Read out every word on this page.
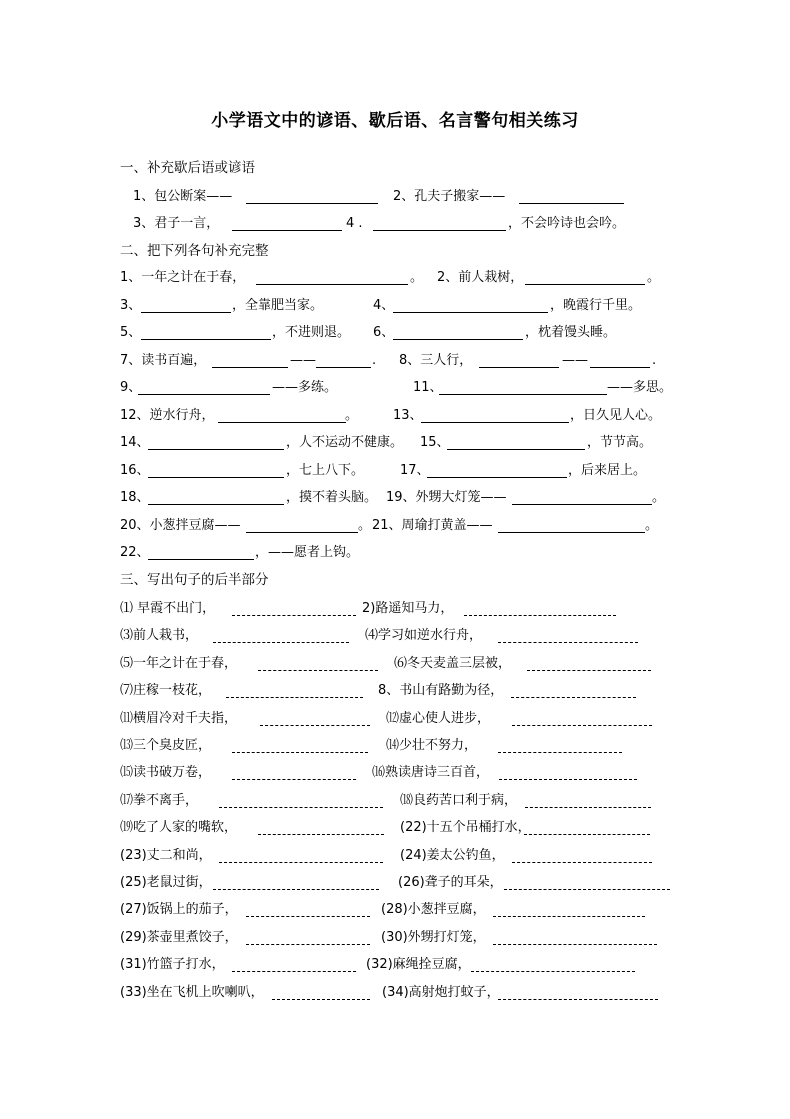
小学语文中的谚语、歇后语、名言警句相关练习
一、补充歇后语或谚语
1、包公断案——	2、孔夫子搬家——
3、君子一言，	4 .	，不会吟诗也会吟。
二、把下列各句补充完整
1、一年之计在于春，	。 2、前人栽树，	。
3、	，全靠肥当家。	4、	，晚霞行千里。
5、	，不进则退。 6、	，枕着馒头睡。
7、读书百遍，	——	. 8、三人行，	——	.
9、	——多练。	11、	——多思。
12、逆水行舟，	。	13、	，日久见人心。
14、	，人不运动不健康。 15、	，节节高。
16、	，七上八下。	17、	，后来居上。
18、	，摸不着头脑。 19、外甥大灯笼——	。
20、小葱拌豆腐——	。 21、周瑜打黄盖——	。
22、	，——愿者上钩。
三、写出句子的后半部分
⑴ 早霞不出门，	2)路遥知马力，
⑶前人栽书，	⑷学习如逆水行舟，
⑸一年之计在于春，	⑹冬天麦盖三层被，
⑺庄稼一枝花，	8、书山有路勤为径，
⑾横眉冷对千夫指，	⑿虚心使人进步，
⒀三个臭皮匠，	⒁少壮不努力，
⒂读书破万卷，	⒃熟读唐诗三百首，
⒄拳不离手，	⒅良药苦口利于病，
⒆吃了人家的嘴软，	(22)十五个吊桶打水，
(23)丈二和尚，	(24)姜太公钓鱼，
(25)老鼠过街，	(26)聋子的耳朵，
(27)饭锅上的茄子，	(28)小葱拌豆腐，
(29)茶壶里煮饺子，	(30)外甥打灯笼，
(31)竹篮子打水，	(32)麻绳拴豆腐，
(33)坐在飞机上吹喇叭，	(34)高射炮打蚊子，
